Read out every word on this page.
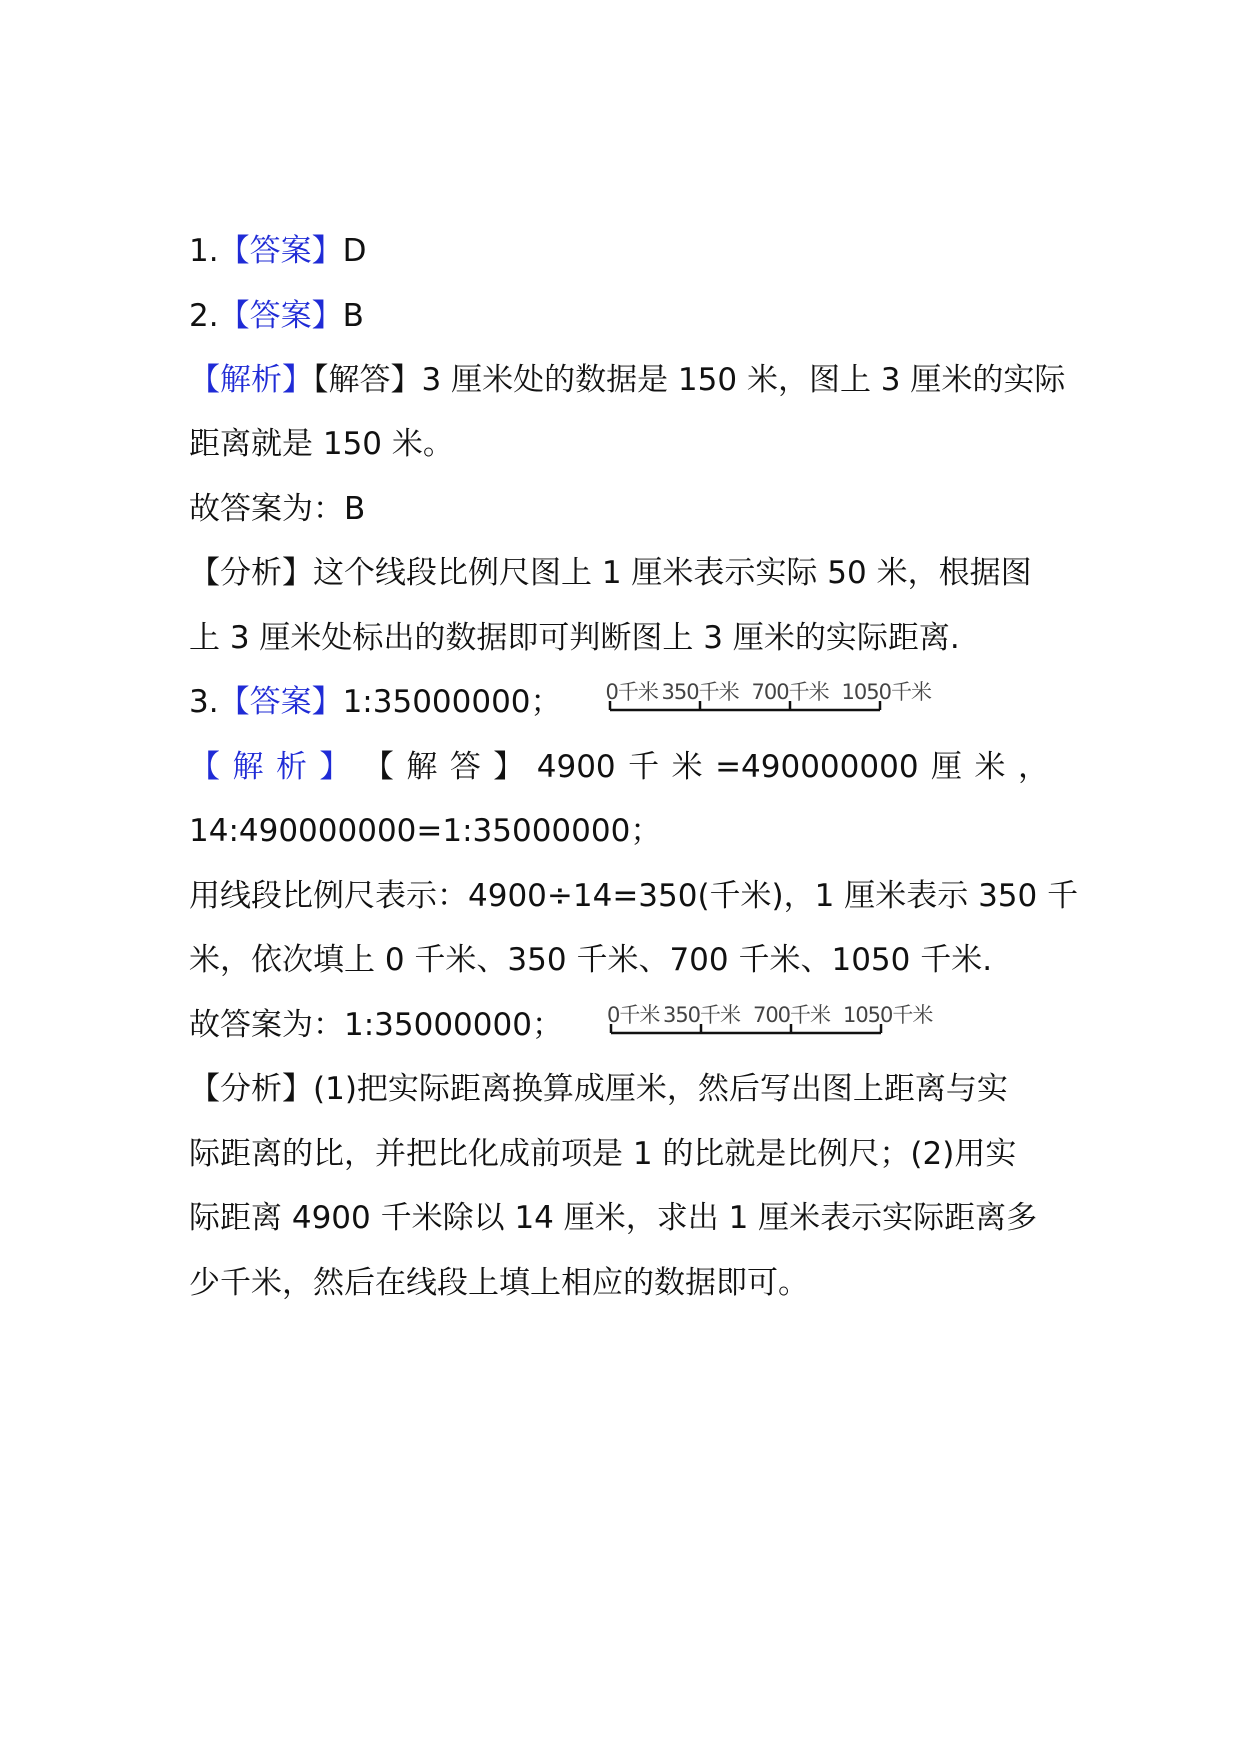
1.【答案】D
2.【答案】B
【解析】【解答】3 厘米处的数据是 150 米，图上 3 厘米的实际
距离就是 150 米。
故答案为：B
【分析】这个线段比例尺图上 1 厘米表示实际 50 米，根据图
上 3 厘米处标出的数据即可判断图上 3 厘米的实际距离.
3.【答案】1:35000000； 0千米 350千米 700千米 1050千米
【 解 析 】 【 解 答 】 4900 千 米 =490000000 厘 米 ，
14:490000000=1:35000000；
用线段比例尺表示：4900÷14=350(千米)，1 厘米表示 350 千
米，依次填上 0 千米、350 千米、700 千米、1050 千米.
故答案为：1:35000000； 0千米 350千米 700千米 1050千米
【分析】(1)把实际距离换算成厘米，然后写出图上距离与实
际距离的比，并把比化成前项是 1 的比就是比例尺；(2)用实
际距离 4900 千米除以 14 厘米，求出 1 厘米表示实际距离多
少千米，然后在线段上填上相应的数据即可。
